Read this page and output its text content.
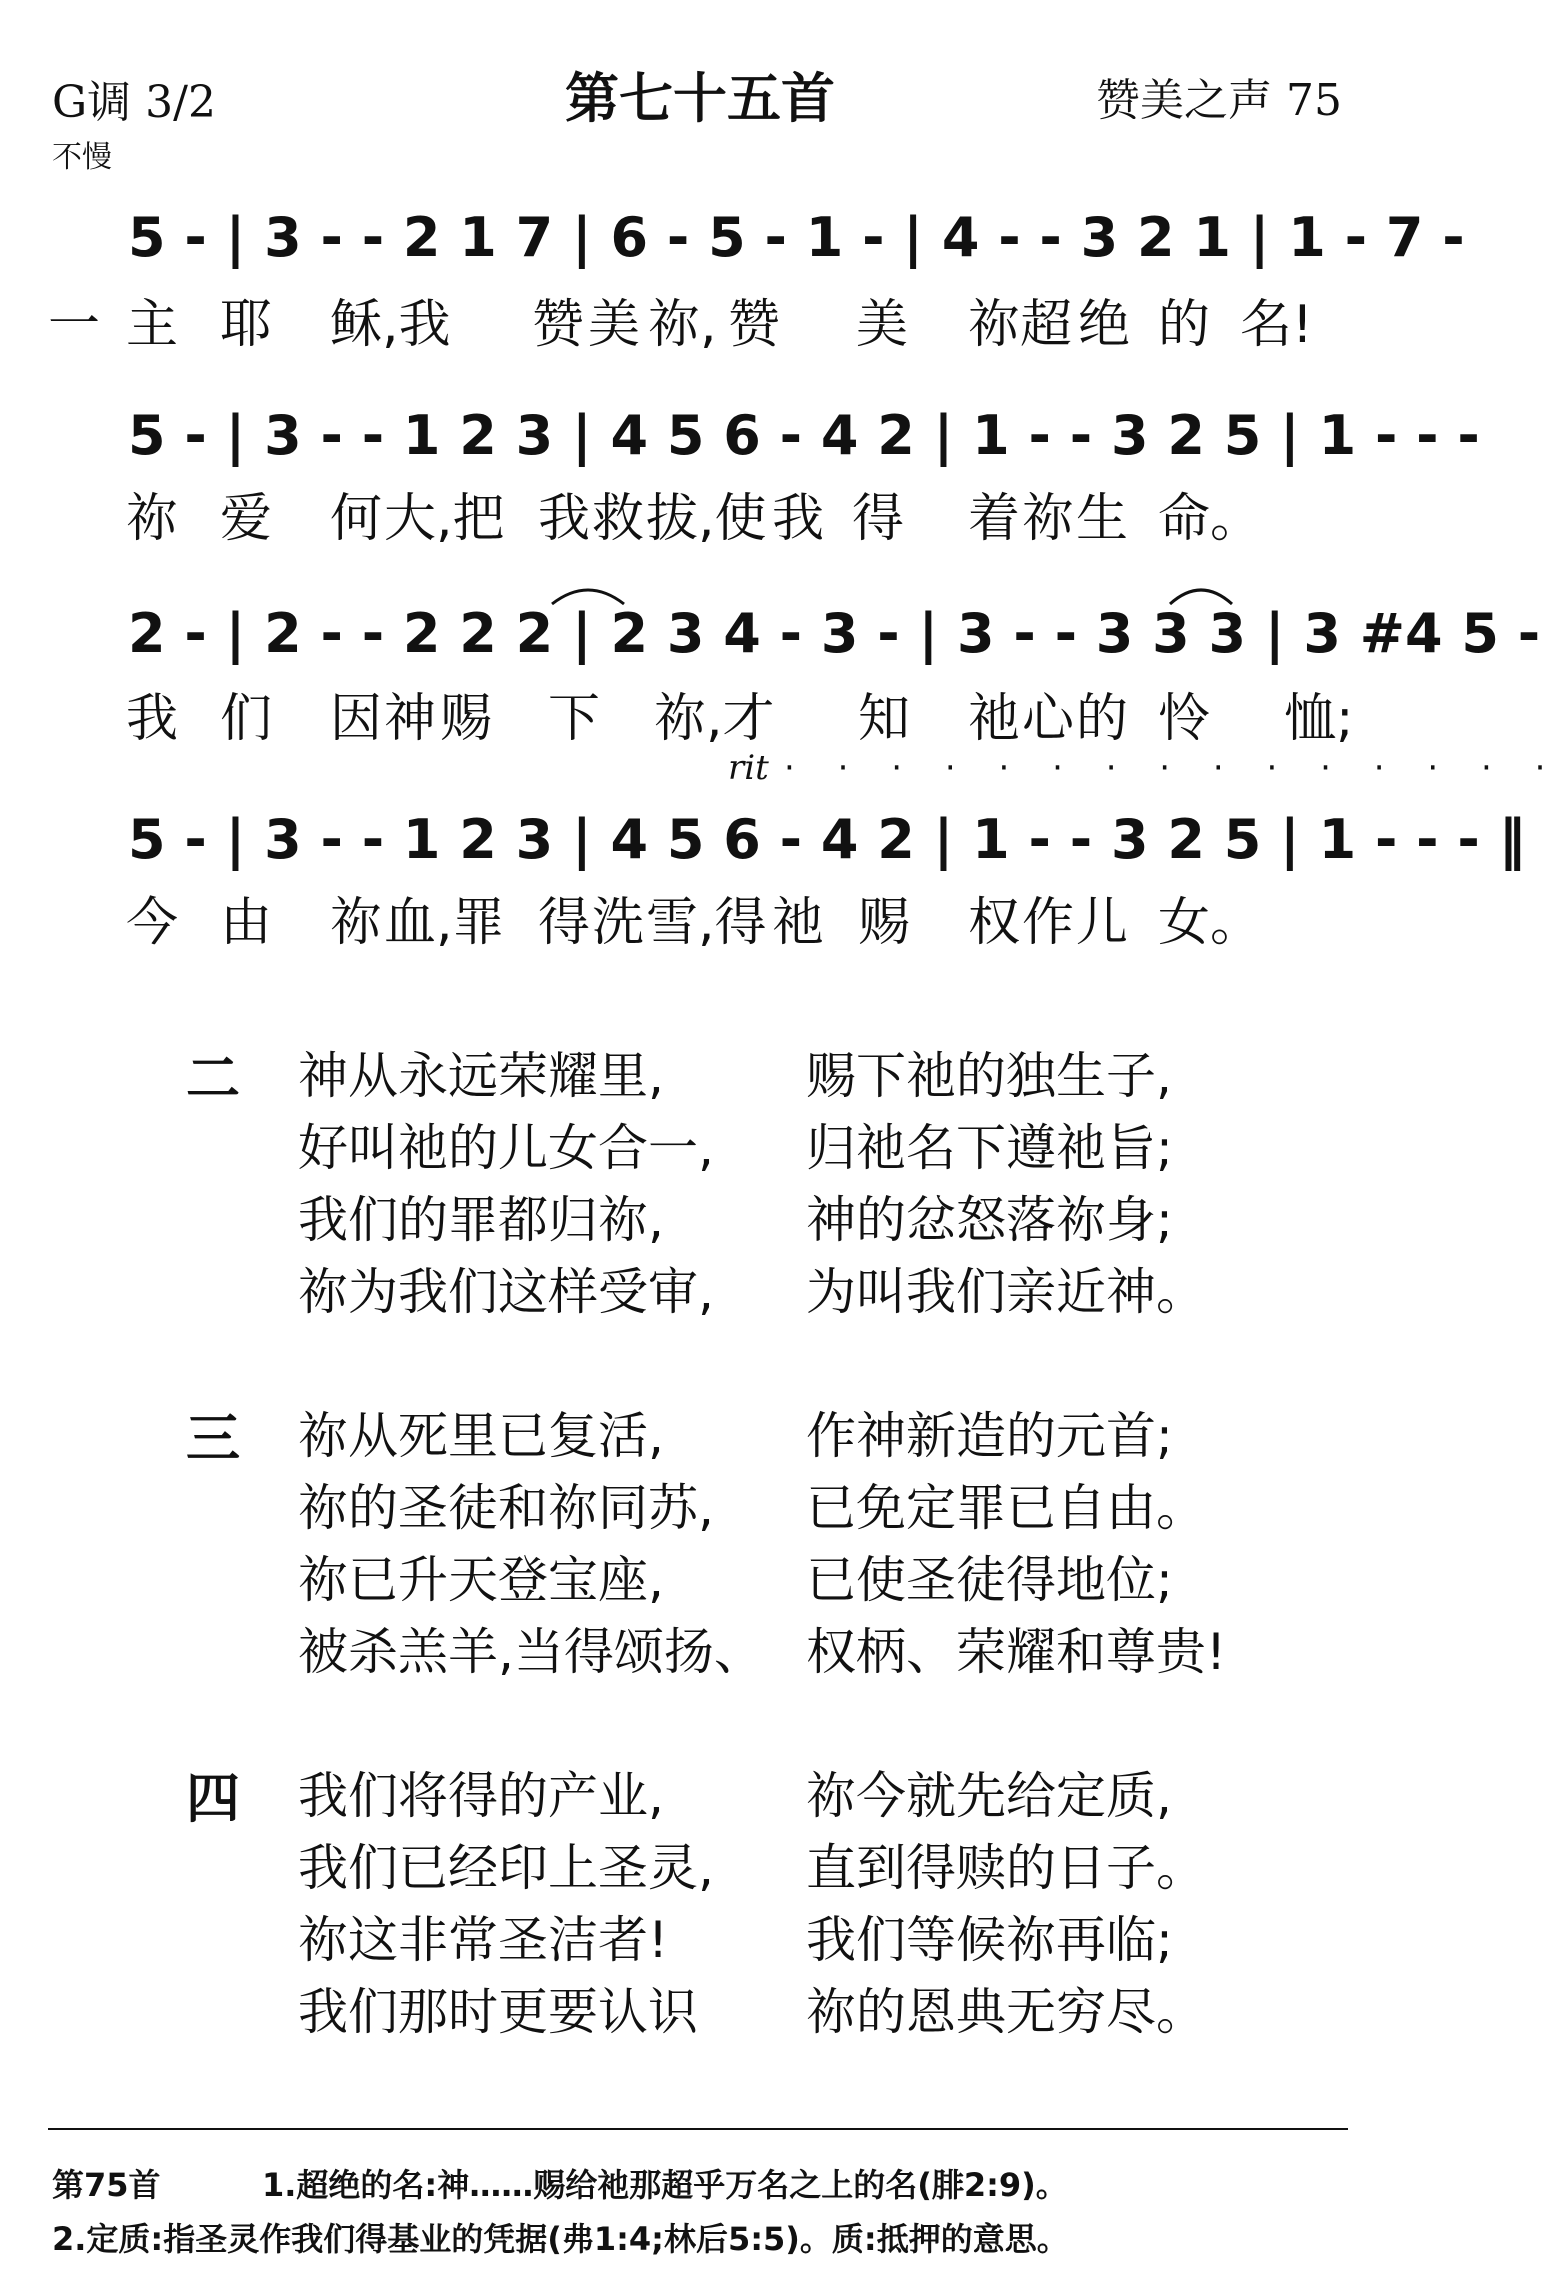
G调 3/2
不慢
第七十五首	赞美之声 75
5 - | 3 - - 2 1 7 | 6 - 5 - 1 - | 4 - - 3 2 1 | 1 - 7 -
一 主 耶 稣,我 赞 美 祢, 赞 美 祢 超 绝 的 名!
5 - | 3 - - 1 2 3 | 4 5 6 - 4 2 | 1 - - 3 2 5 | 1 - - -
祢 爱 何 大,把 我 救 拔,使 我 得 着 祢 生 命。
2 - | 2 - - 2 2 2 | 2 3 4 - 3 - | 3 - - 3 3 3 | 3 #4 5 -
我 们 因 神 赐 下 祢,才 知 祂 心 的 怜 恤;
rit · · · · · · · · · · · · · · ·
5 - | 3 - - 1 2 3 | 4 5 6 - 4 2 | 1 - - 3 2 5 | 1 - - - ‖
今 由 祢 血,罪 得 洗 雪,得 祂 赐 权 作 儿 女。
二 神从永远荣耀里,
好叫祂的儿女合一,
我们的罪都归祢,
祢为我们这样受审,
赐下祂的独生子,
归祂名下遵祂旨;
神的忿怒落祢身;
为叫我们亲近神。
三 祢从死里已复活,
祢的圣徒和祢同苏,
祢已升天登宝座,
被杀羔羊,当得颂扬、
作神新造的元首;
已免定罪已自由。
已使圣徒得地位;
权柄、荣耀和尊贵!
四 我们将得的产业,
我们已经印上圣灵,
祢这非常圣洁者!
我们那时更要认识
祢今就先给定质,
直到得赎的日子。
我们等候祢再临;
祢的恩典无穷尽。
第75首	1.超绝的名:神……赐给祂那超乎万名之上的名(腓2:9)。
2.定质:指圣灵作我们得基业的凭据(弗1:4;林后5:5)。质:抵押的意思。
